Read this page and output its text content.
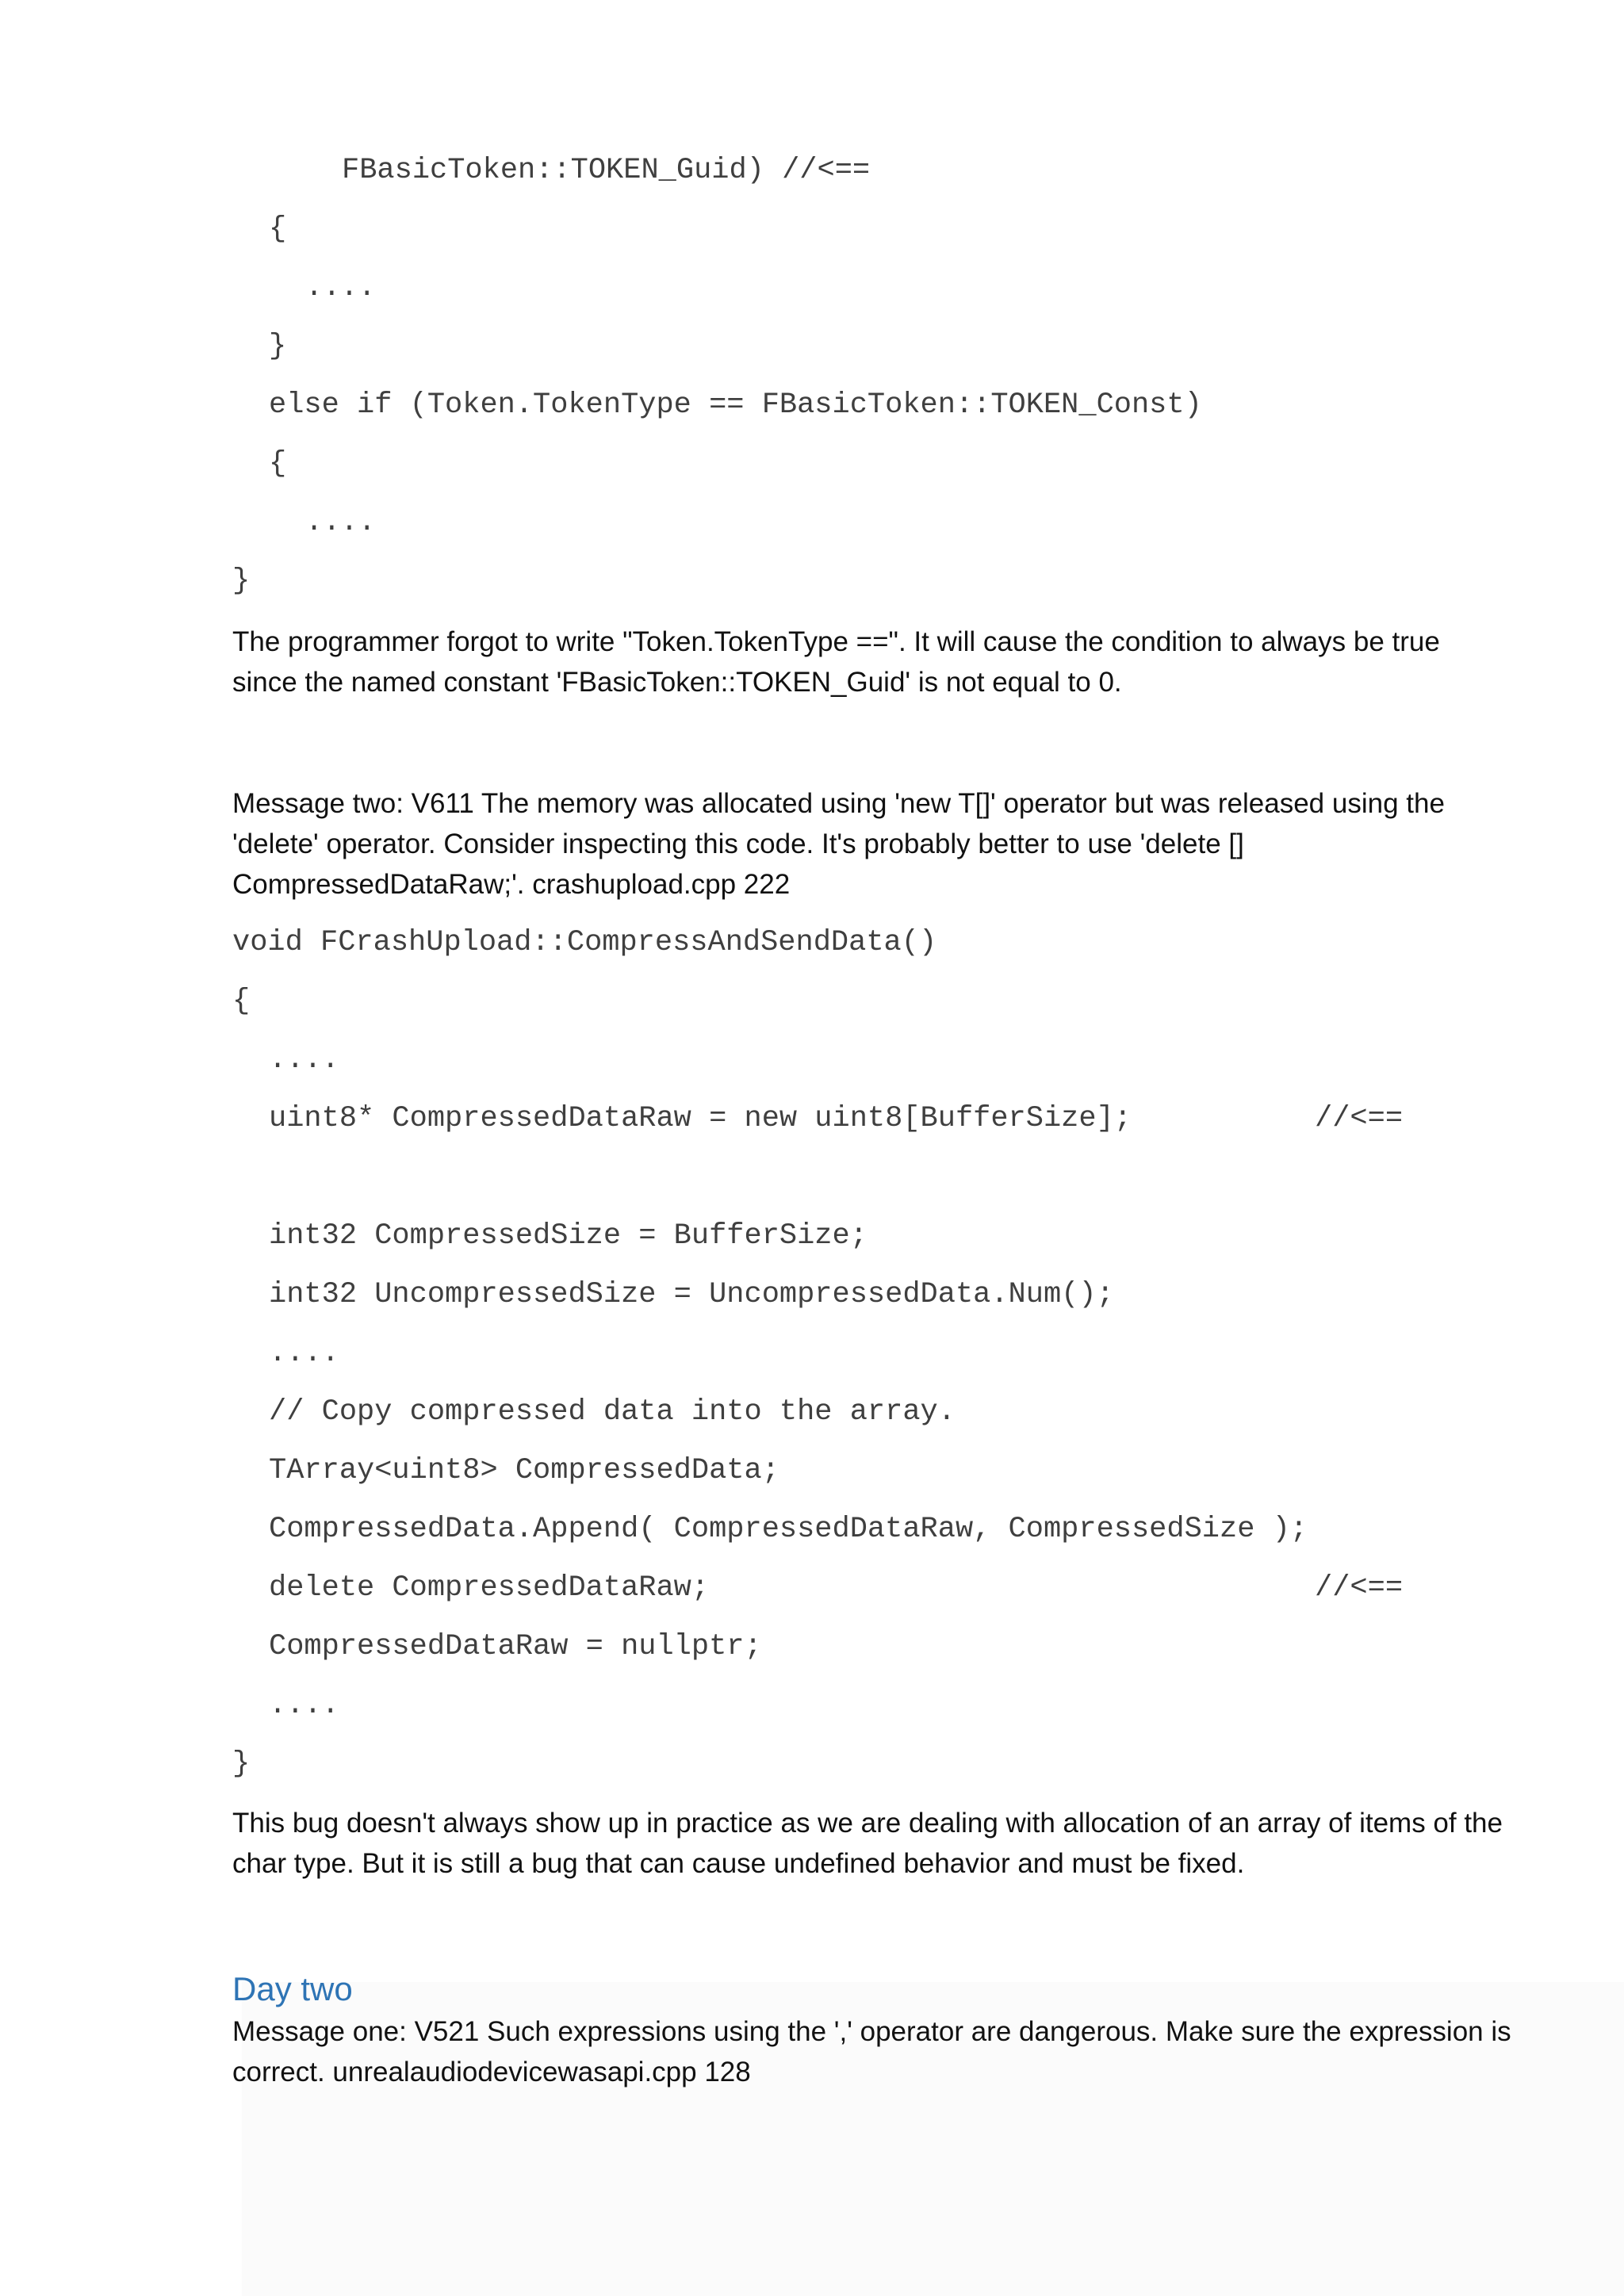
FBasicToken::TOKEN_Guid) //<==
{
....
}
else if (Token.TokenType == FBasicToken::TOKEN_Const)
{
....
}

The programmer forgot to write "Token.TokenType ==". It will cause the condition to always be true

since the named constant 'FBasicToken::TOKEN_Guid' is not equal to 0.

Message two: V611 The memory was allocated using 'new T[]' operator but was released using the

'delete' operator. Consider inspecting this code. It's probably better to use 'delete []

CompressedDataRaw;'. crashupload.cpp 222

void FCrashUpload::CompressAndSendData()
{
....
uint8* CompressedDataRaw = new uint8[BufferSize];	//<==
int32 CompressedSize = BufferSize;
int32 UncompressedSize = UncompressedData.Num();
....
// Copy compressed data into the array.
TArray<uint8> CompressedData;
CompressedData.Append( CompressedDataRaw, CompressedSize );
delete CompressedDataRaw;	//<==
CompressedDataRaw = nullptr;
....
}

This bug doesn't always show up in practice as we are dealing with allocation of an array of items of the

char type. But it is still a bug that can cause undefined behavior and must be fixed.

Day two

Message one: V521 Such expressions using the ',' operator are dangerous. Make sure the expression is

correct. unrealaudiodevicewasapi.cpp 128
